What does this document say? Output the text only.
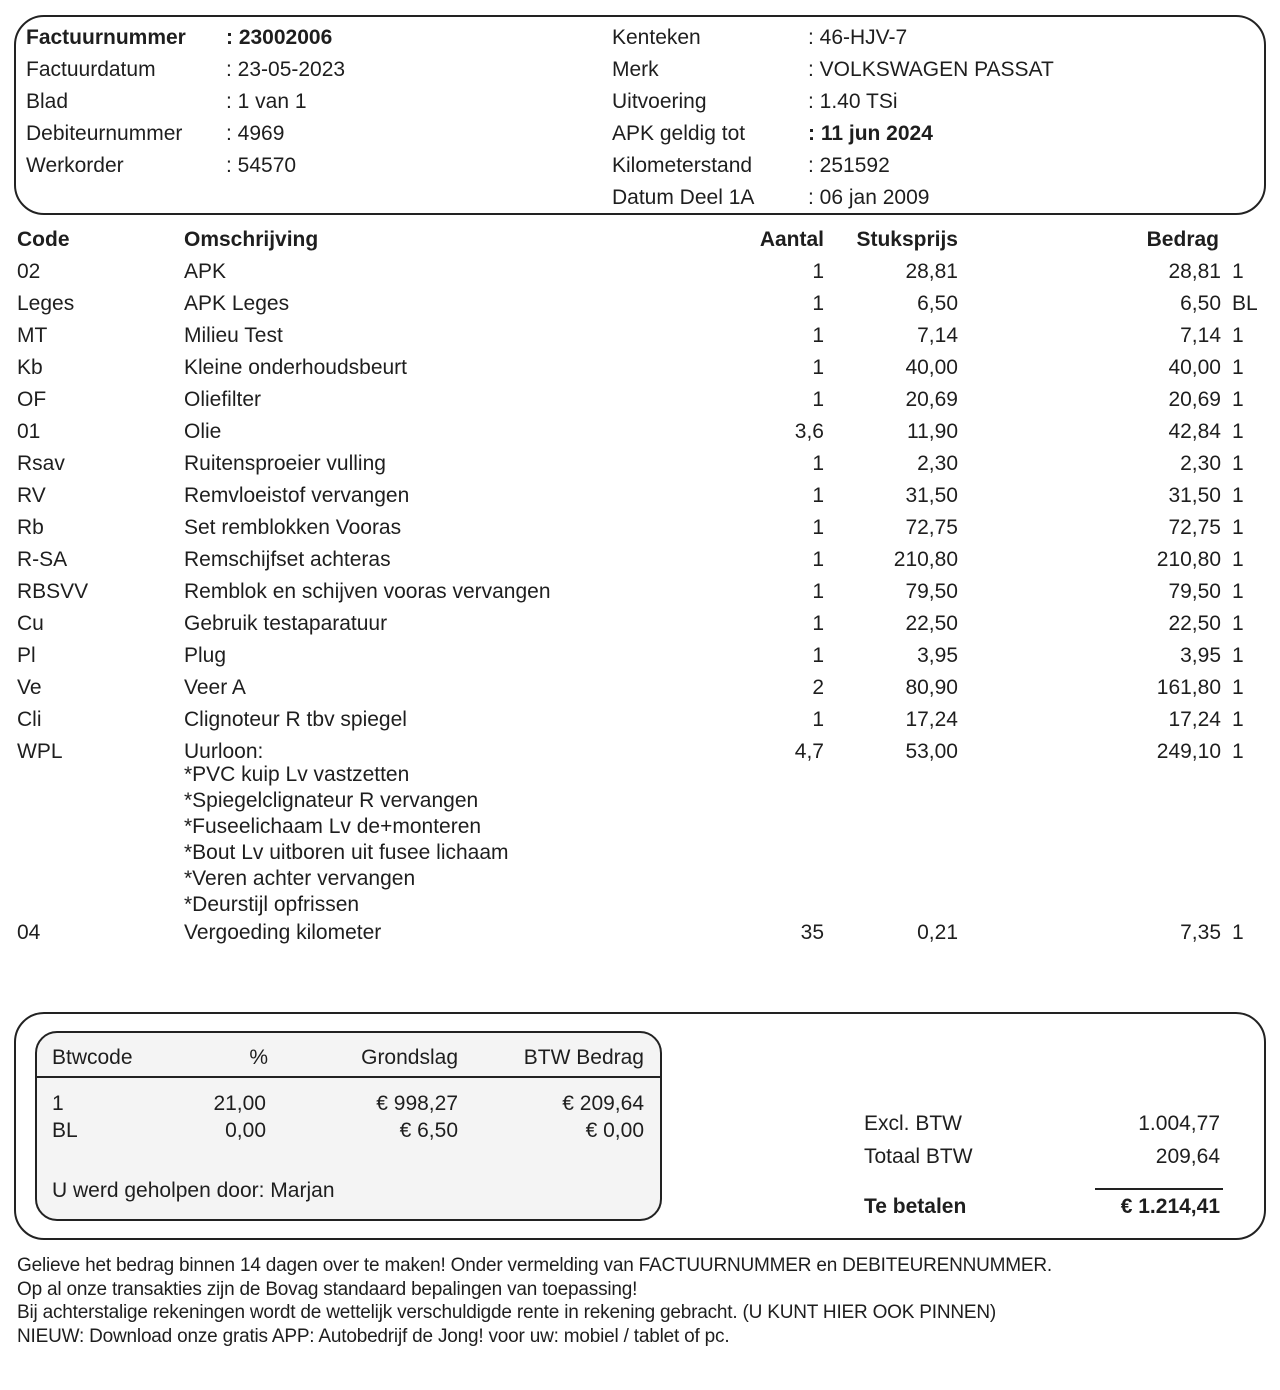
Factuurnummer : 23002006
Factuurdatum	: 23-05-2023
Blad	: 1 van 1
Debiteurnummer : 4969
Werkorder	: 54570
Kenteken	: 46-HJV-7
Merk	: VOLKSWAGEN PASSAT
Uitvoering	: 1.40 TSi
APK geldig tot	: 11 jun 2024
Kilometerstand	: 251592
Datum Deel 1A	: 06 jan 2009
Code	Omschrijving	Aantal Stuksprijs	Bedrag
02	APK	1	28,81	28,81 1
Leges	APK Leges	1	6,50	6,50 BL
MT	Milieu Test	1	7,14	7,14 1
Kb	Kleine onderhoudsbeurt	1	40,00	40,00 1
OF	Oliefilter	1	20,69	20,69 1
01	Olie	3,6	11,90	42,84 1
Rsav	Ruitensproeier vulling	1	2,30	2,30 1
RV	Remvloeistof vervangen	1	31,50	31,50 1
Rb	Set remblokken Vooras	1	72,75	72,75 1
R-SA	Remschijfset achteras	1	210,80	210,80 1
RBSVV	Remblok en schijven vooras vervangen	1	79,50	79,50 1
Cu	Gebruik testaparatuur	1	22,50	22,50 1
Pl	Plug	1	3,95	3,95 1
Ve	Veer A	2	80,90	161,80 1
Cli	Clignoteur R tbv spiegel	1	17,24	17,24 1
WPL	Uurloon:	4,7	53,00	249,10 1
*PVC kuip Lv vastzetten
*Spiegelclignateur R vervangen
*Fuseelichaam Lv de+monteren
*Bout Lv uitboren uit fusee lichaam
*Veren achter vervangen
*Deurstijl opfrissen
04	Vergoeding kilometer	35	0,21	7,35 1
Btwcode	%	Grondslag	BTW Bedrag
1	21,00	€ 998,27	€ 209,64
BL	0,00	€ 6,50	€ 0,00
U werd geholpen door: Marjan
Excl. BTW	1.004,77
Totaal BTW	209,64
Te betalen	€ 1.214,41
Gelieve het bedrag binnen 14 dagen over te maken! Onder vermelding van FACTUURNUMMER en DEBITEURENNUMMER.
Op al onze transakties zijn de Bovag standaard bepalingen van toepassing!
Bij achterstalige rekeningen wordt de wettelijk verschuldigde rente in rekening gebracht. (U KUNT HIER OOK PINNEN)
NIEUW: Download onze gratis APP: Autobedrijf de Jong! voor uw: mobiel / tablet of pc.
